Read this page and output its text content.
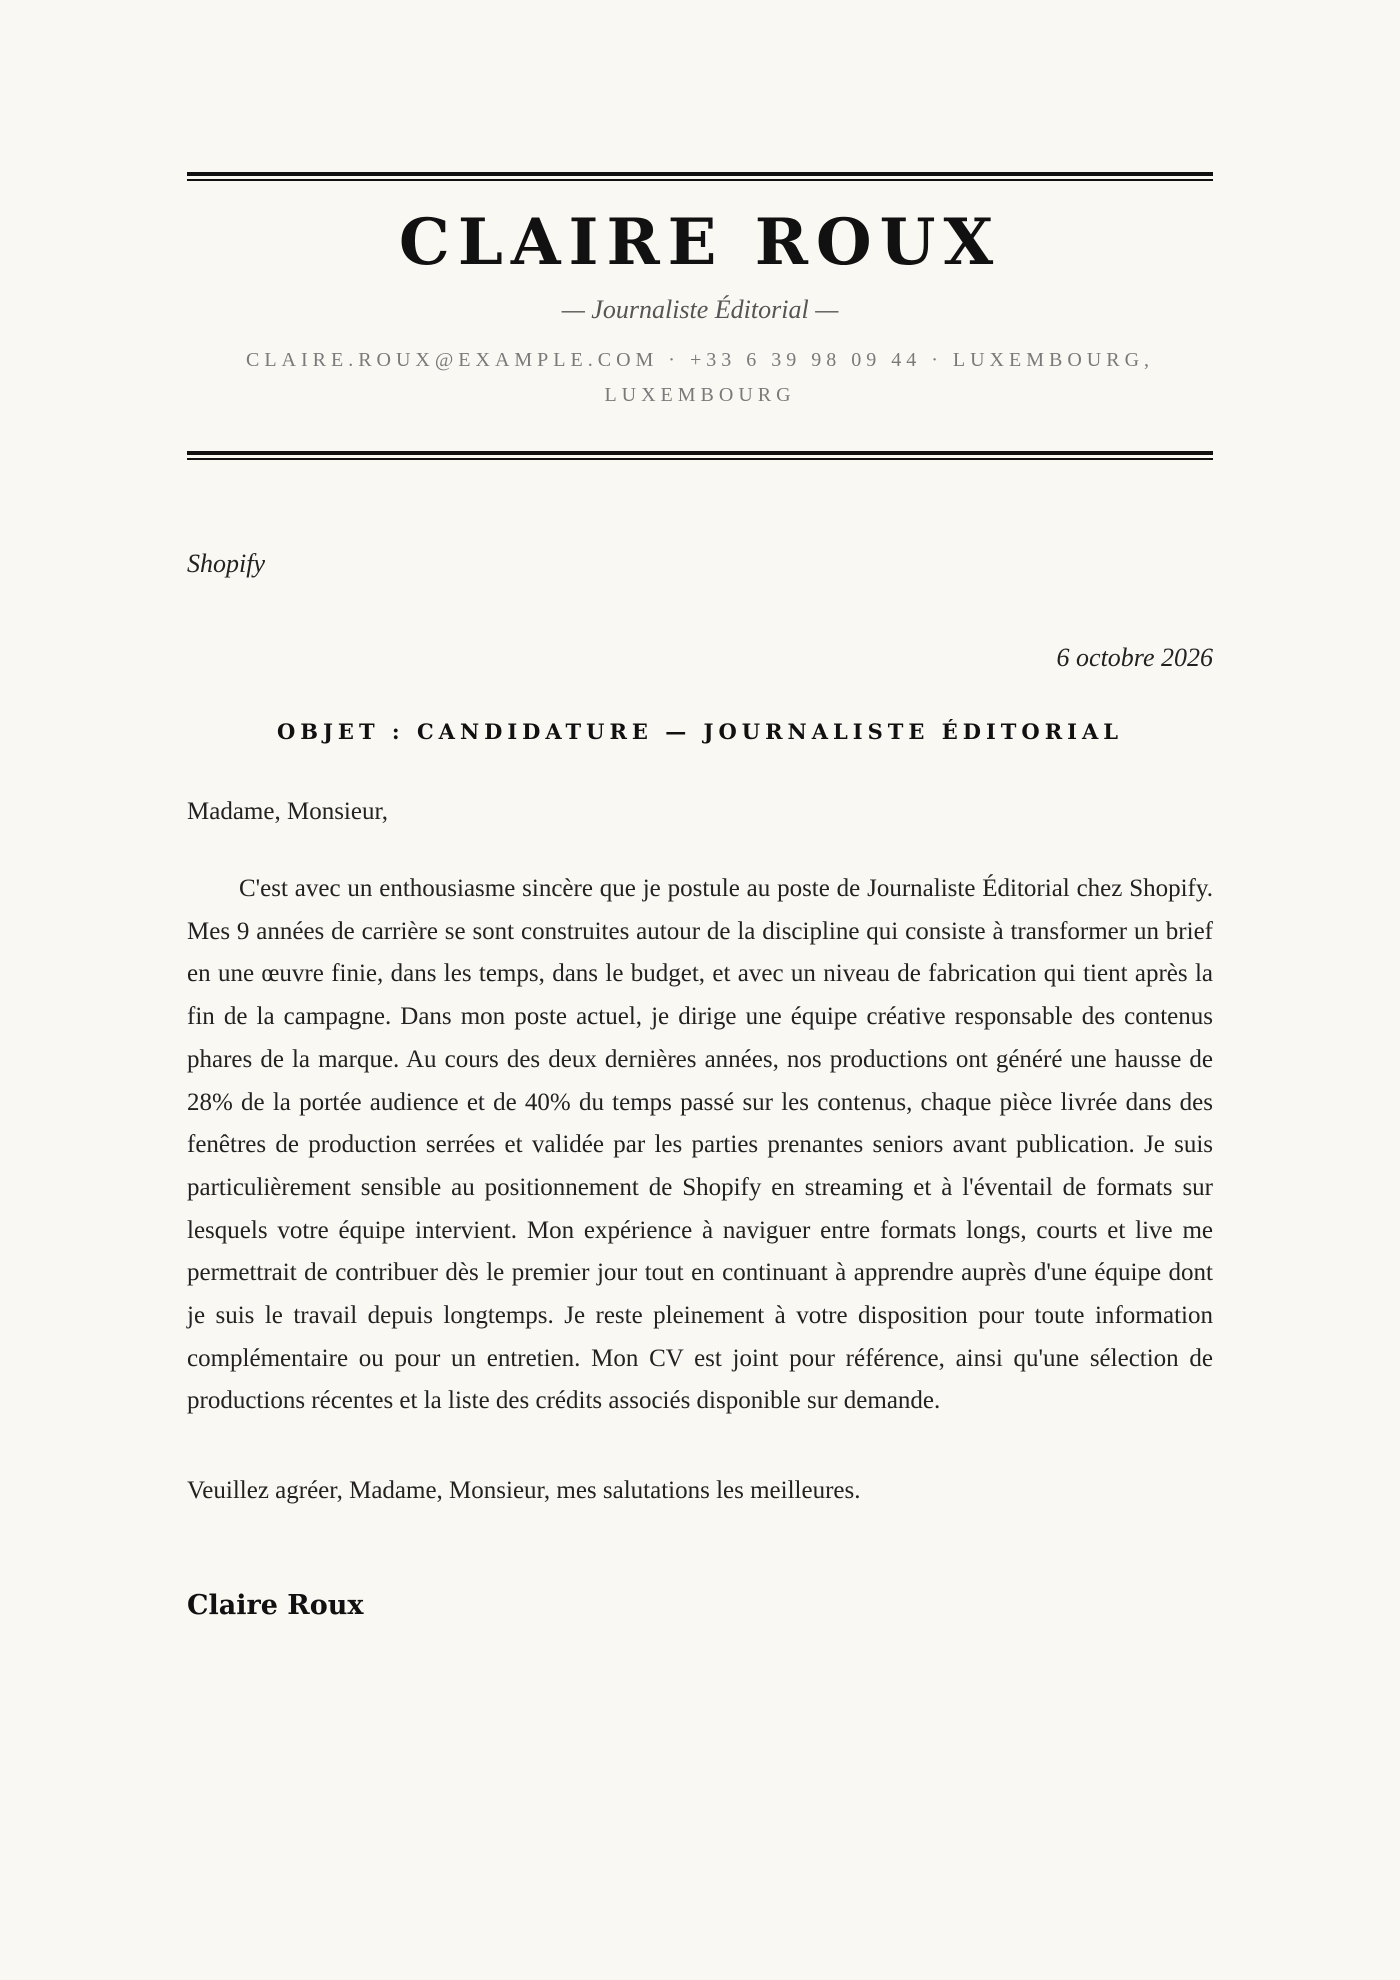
CLAIRE ROUX
— Journaliste Éditorial —
CLAIRE.ROUX@EXAMPLE.COM · +33 6 39 98 09 44 · LUXEMBOURG, LUXEMBOURG
Shopify
6 octobre 2026
OBJET : CANDIDATURE — JOURNALISTE ÉDITORIAL
Madame, Monsieur,

C'est avec un enthousiasme sincère que je postule au poste de Journaliste Éditorial chez Shopify. Mes 9 années de carrière se sont construites autour de la discipline qui consiste à transformer un brief en une œuvre finie, dans les temps, dans le budget, et avec un niveau de fabrication qui tient après la fin de la campagne. Dans mon poste actuel, je dirige une équipe créative responsable des contenus phares de la marque. Au cours des deux dernières années, nos productions ont généré une hausse de 28% de la portée audience et de 40% du temps passé sur les contenus, chaque pièce livrée dans des fenêtres de production serrées et validée par les parties prenantes seniors avant publication. Je suis particulièrement sensible au positionnement de Shopify en streaming et à l'éventail de formats sur lesquels votre équipe intervient. Mon expérience à naviguer entre formats longs, courts et live me permettrait de contribuer dès le premier jour tout en continuant à apprendre auprès d'une équipe dont je suis le travail depuis longtemps. Je reste pleinement à votre disposition pour toute information complémentaire ou pour un entretien. Mon CV est joint pour référence, ainsi qu'une sélection de productions récentes et la liste des crédits associés disponible sur demande.

Veuillez agréer, Madame, Monsieur, mes salutations les meilleures.
Claire Roux
